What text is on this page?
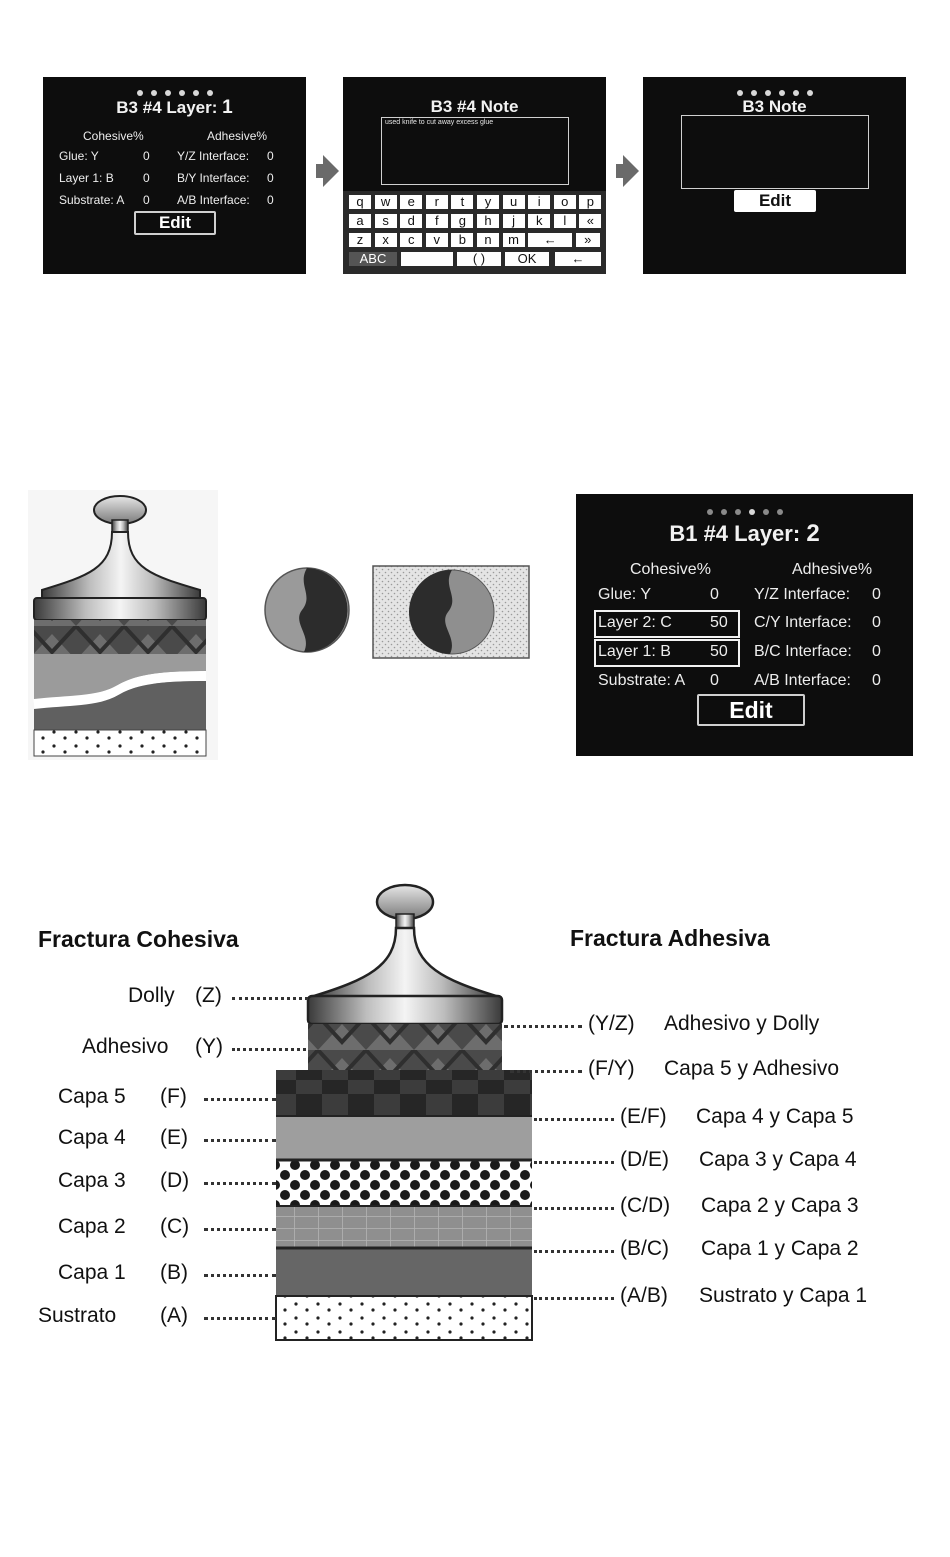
B3 #4 Layer: 1
Cohesive%	Adhesive%
Glue: Y	0 Y/Z Interface: 0
Layer 1: B 0 B/Y Interface: 0
Substrate: A 0 A/B Interface: 0
Edit
B3 #4 Note
used knife to cut away excess glue
q	w	e	r	t	y	u	i	o	p
a	s	d	f	g	h	j	k	l	«
z	x	c	v	b	n	m	←	»
ABC	( )	OK	←
B3 Note
Edit
B1 #4 Layer: 2
Cohesive%	Adhesive%
Glue: Y	0 Y/Z Interface: 0
Layer 2: C 50 C/Y Interface: 0
Layer 1: B 50 B/C Interface: 0
Substrate: A 0 A/B Interface: 0
Edit
Fractura Cohesiva	Fractura Adhesiva
Dolly (Z)
Adhesivo (Y)
Capa 5 (F)
Capa 4 (E)
Capa 3 (D)
Capa 2 (C)
Capa 1 (B)
Sustrato (A)
(Y/Z) Adhesivo y Dolly
(F/Y) Capa 5 y Adhesivo
(E/F) Capa 4 y Capa 5
(D/E) Capa 3 y Capa 4
(C/D) Capa 2 y Capa 3
(B/C) Capa 1 y Capa 2
(A/B) Sustrato y Capa 1
